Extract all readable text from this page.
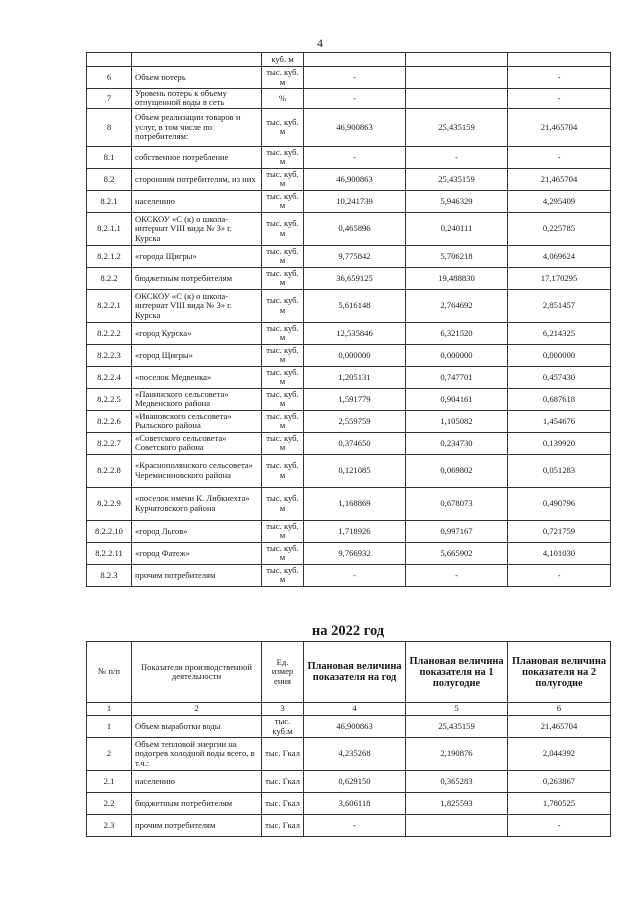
4
		куб. м			
6	Объем потерь	тыс. куб. м	-		-
7	Уровень потерь к объему отпущенной воды в сеть	%	-		-
8	Объем реализации товаров и услуг, в том числе по потребителям:	тыс. куб. м	46,900863	25,435159	21,465704
8.1	собственное потребление	тыс. куб. м	-	-	-
8.2	сторонним потребителям, из них	тыс. куб. м	46,900863	25,435159	21,465704
8.2.1	населению	тыс. куб. м	10,241739	5,946329	4,295409
8.2.1.1	ОКСКОУ «С (к) о школа-интернат VIII вида № 3» г. Курска	тыс. куб. м	0,465896	0,240111	0,225785
8.2.1.2	«города Щигры»	тыс. куб. м	9,775842	5,706218	4,069624
8.2.2	бюджетным потребителям	тыс. куб. м	36,659125	19,488830	17,170295
8.2.2.1	ОКСКОУ «С (к) о школа-интернат VIII вида № 3» г. Курска	тыс. куб. м	5,616148	2,764692	2,851457
8.2.2.2	«город Курска»	тыс. куб. м	12,535846	6,321520	6,214325
8.2.2.3	«город Щигры»	тыс. куб. м	0,000000	0,000000	0,000000
8.2.2.4	«поселок Медвенка»	тыс. куб. м	1,205131	0,747701	0,457430
8.2.2.5	«Панинского сельсовета» Медвенского района	тыс. куб. м	1,591779	0,904161	0,687618
8.2.2.6	«Ивановского сельсовета» Рыльского района	тыс. куб. м	2,559759	1,105082	1,454676
8.2.2.7	«Советского сельсовета» Советского района	тыс. куб. м	0,374650	0,234730	0,139920
8.2.2.8	«Краснополянского сельсовета» Черемисиновского района	тыс. куб. м	0,121085	0,069802	0,051283
8.2.2.9	«поселок имени К. Либкнехта» Курчатовского района	тыс. куб. м	1,168869	0,678073	0,490796
8.2.2.10	«город Льгов»	тыс. куб. м	1,718926	0,997167	0,721759
8.2.2.11	«город Фатеж»	тыс. куб. м	9,766932	5,665902	4,101030
8.2.3	прочим потребителям	тыс. куб. м	-	-	-
на 2022 год
№ п/п	Показатели производственной деятельности	Ед. измер ения	Плановая величина показателя на год	Плановая величина показателя на 1 полугодие	Плановая величина показателя на 2 полугодие
1	2	3	4	5	6
1	Объем выработки воды	тыс. куб.м	46,900863	25,435159	21,465704
2	Объем тепловой энергии на подогрев холодной воды всего, в т.ч.:	тыс. Гкал	4,235268	2,190876	2,044392
2.1	населению	тыс. Гкал	0,629150	0,365283	0,263867
2.2	бюджетным потребителям	тыс. Гкал	3,606118	1,825593	1,780525
2.3	прочим потребителям	тыс. Гкал	-		-
